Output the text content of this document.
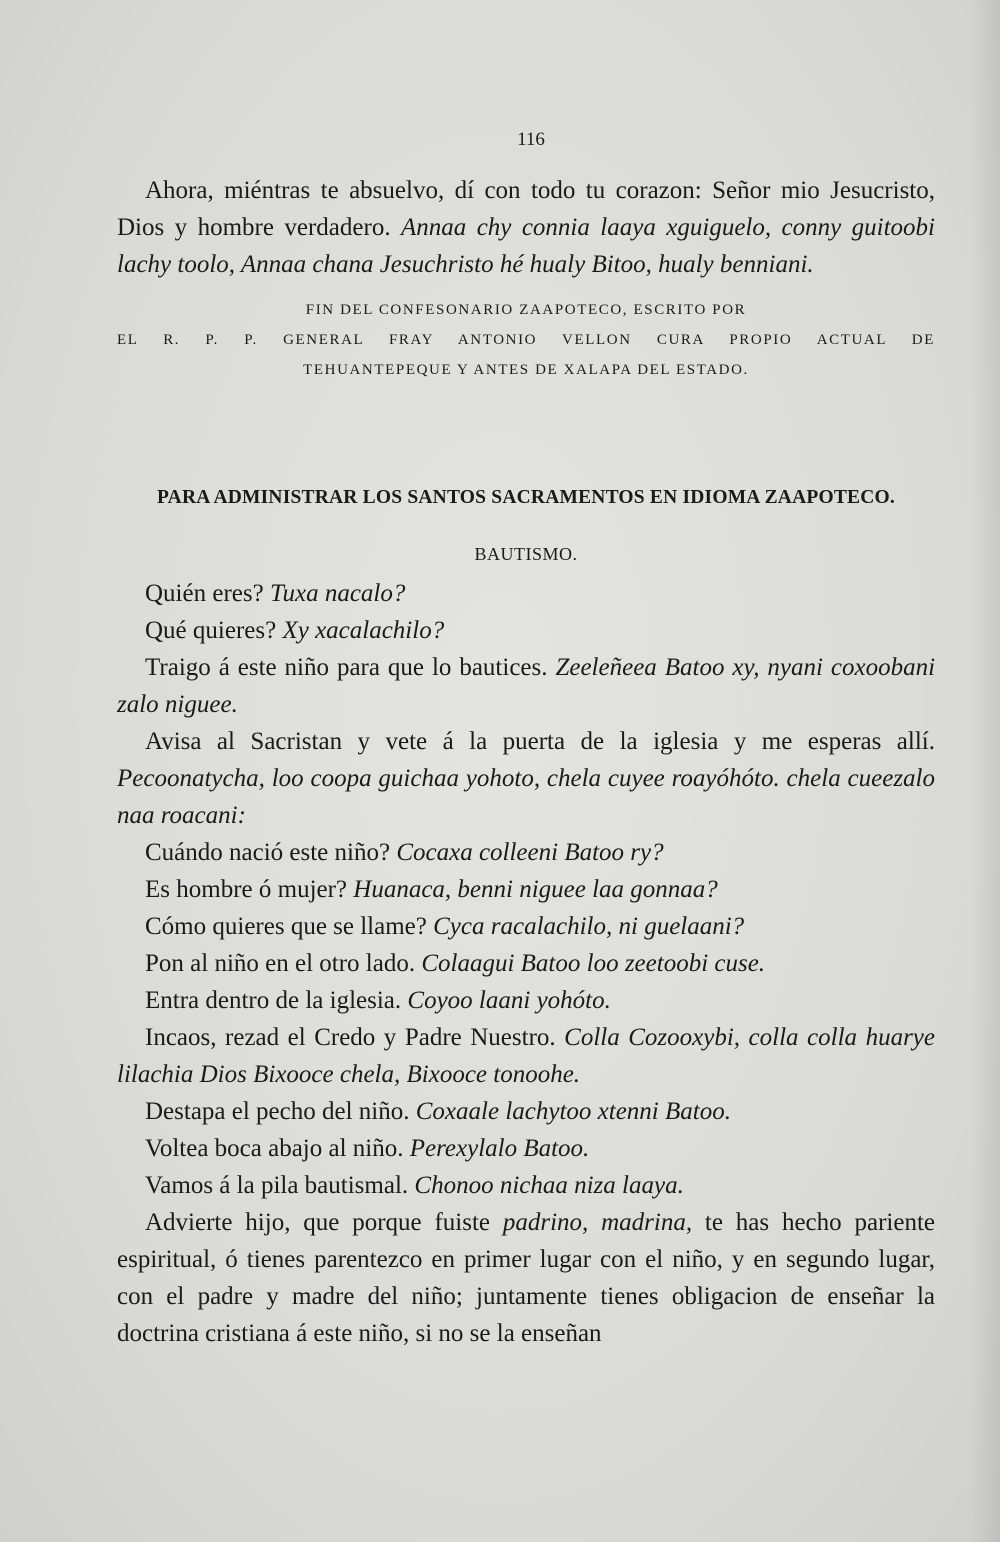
116

Ahora, miéntras te absuelvo, dí con todo tu corazon: Señor mio Jesucristo, Dios y hombre verdadero. Annaa chy connia laaya xguiguelo, conny guitoobi lachy toolo, Annaa chana Jesuchristo hé hualy Bitoo, hualy benniani.

FIN DEL CONFESONARIO ZAAPOTECO, ESCRITO POR
EL R. P. P. GENERAL FRAY ANTONIO VELLON CURA PROPIO ACTUAL DE
TEHUANTEPEQUE Y ANTES DE XALAPA DEL ESTADO.
PARA ADMINISTRAR LOS SANTOS SACRAMENTOS EN IDIOMA ZAAPOTECO.
BAUTISMO.

Quién eres? Tuxa nacalo?

Qué quieres? Xy xacalachilo?

Traigo á este niño para que lo bautices. Zeeleñeea Batoo xy, nyani coxoobani zalo niguee.

Avisa al Sacristan y vete á la puerta de la iglesia y me esperas allí. Pecoonatycha, loo coopa guichaa yohoto, chela cuyee roayóhóto. chela cueezalo naa roacani:

Cuándo nació este niño? Cocaxa colleeni Batoo ry?

Es hombre ó mujer? Huanaca, benni niguee laa gonnaa?

Cómo quieres que se llame? Cyca racalachilo, ni guelaani?

Pon al niño en el otro lado. Colaagui Batoo loo zeetoobi cuse.

Entra dentro de la iglesia. Coyoo laani yohóto.

Incaos, rezad el Credo y Padre Nuestro. Colla Cozooxybi, colla colla huarye lilachia Dios Bixooce chela, Bixooce tonoohe.

Destapa el pecho del niño. Coxaale lachytoo xtenni Batoo.

Voltea boca abajo al niño. Perexylalo Batoo.

Vamos á la pila bautismal. Chonoo nichaa niza laaya.

Advierte hijo, que porque fuiste padrino, madrina, te has hecho pariente espiritual, ó tienes parentezco en primer lugar con el niño, y en segundo lugar, con el padre y madre del niño; juntamente tienes obligacion de enseñar la doctrina cristiana á este niño, si no se la enseñan
